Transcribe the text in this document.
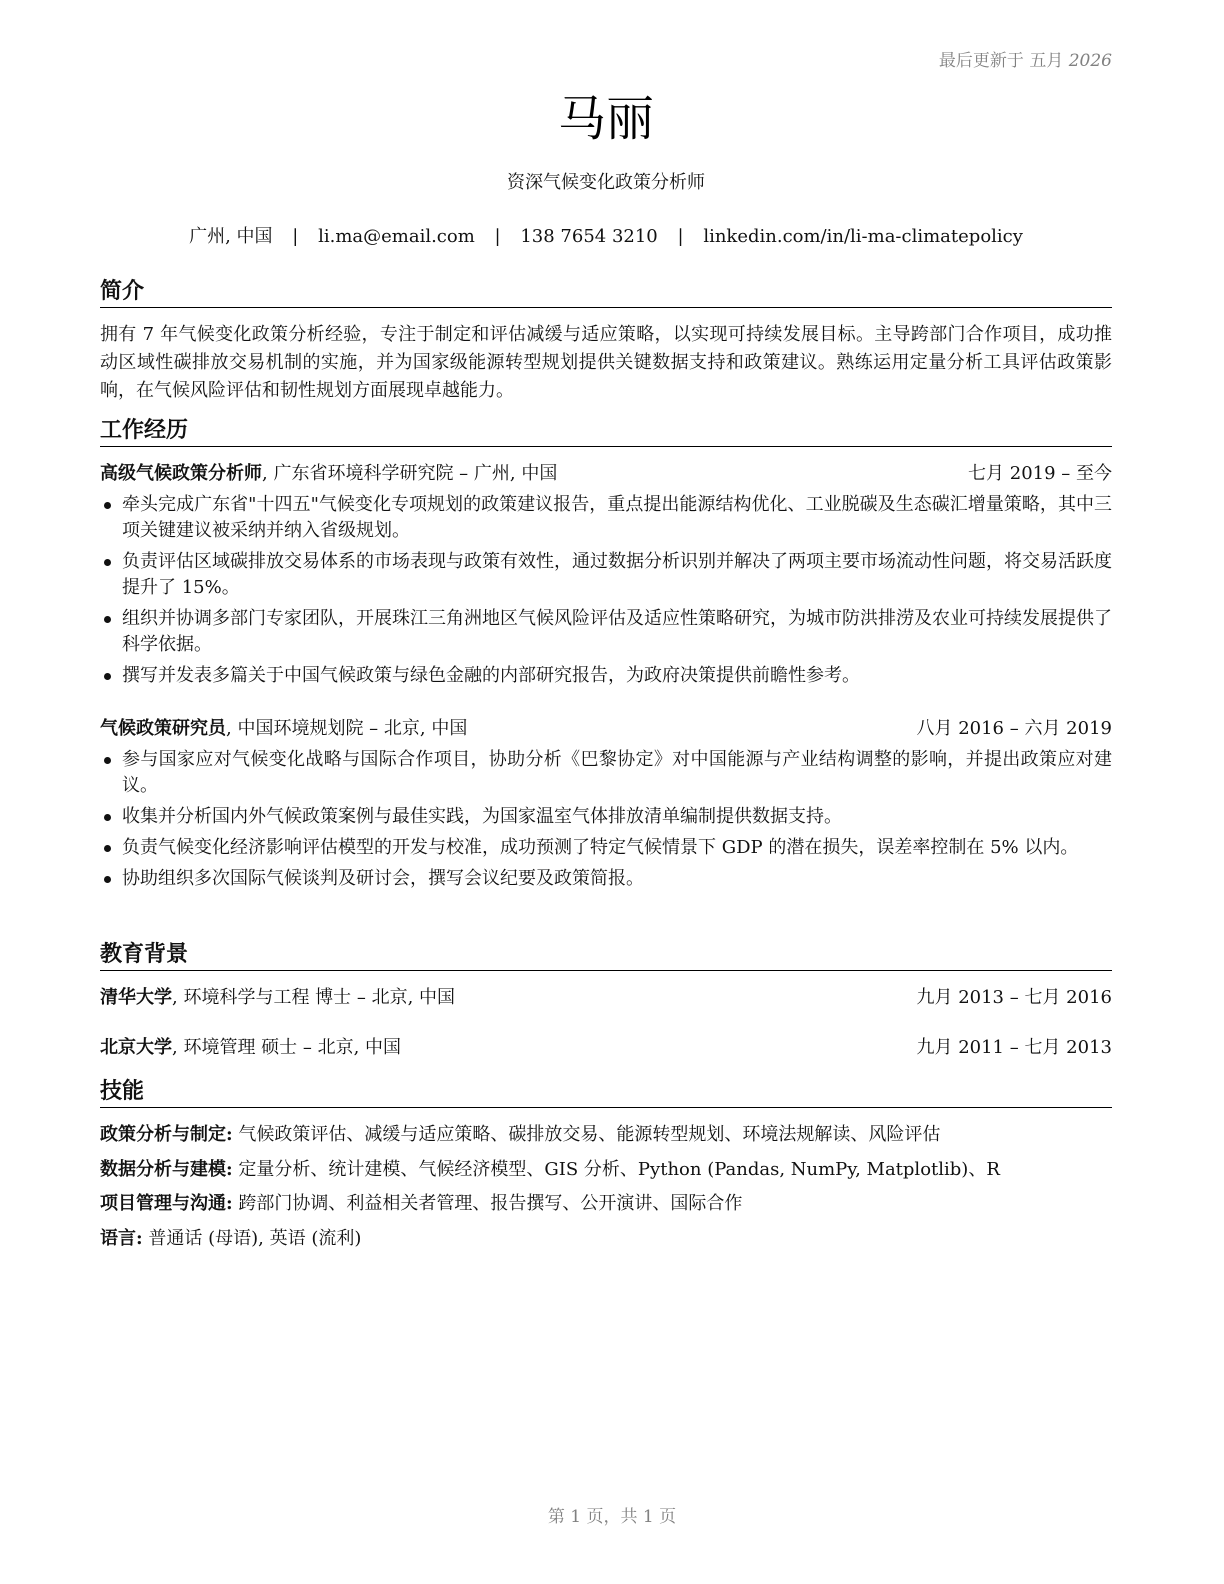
最后更新于 五月 2026
马丽
资深气候变化政策分析师
广州, 中国 | li.ma@email.com | 138 7654 3210 | linkedin.com/in/li-ma-climatepolicy
简介
拥有 7 年气候变化政策分析经验，专注于制定和评估减缓与适应策略，以实现可持续发展目标。主导跨部门合作项目，成功推动区域性碳排放交易机制的实施，并为国家级能源转型规划提供关键数据支持和政策建议。熟练运用定量分析工具评估政策影响，在气候风险评估和韧性规划方面展现卓越能力。
工作经历
高级气候政策分析师, 广东省环境科学研究院 – 广州, 中国	七月 2019 – 至今
牵头完成广东省"十四五"气候变化专项规划的政策建议报告，重点提出能源结构优化、工业脱碳及生态碳汇增量策略，其中三项关键建议被采纳并纳入省级规划。
负责评估区域碳排放交易体系的市场表现与政策有效性，通过数据分析识别并解决了两项主要市场流动性问题，将交易活跃度提升了 15%。
组织并协调多部门专家团队，开展珠江三角洲地区气候风险评估及适应性策略研究，为城市防洪排涝及农业可持续发展提供了科学依据。
撰写并发表多篇关于中国气候政策与绿色金融的内部研究报告，为政府决策提供前瞻性参考。
气候政策研究员, 中国环境规划院 – 北京, 中国	八月 2016 – 六月 2019
参与国家应对气候变化战略与国际合作项目，协助分析《巴黎协定》对中国能源与产业结构调整的影响，并提出政策应对建议。
收集并分析国内外气候政策案例与最佳实践，为国家温室气体排放清单编制提供数据支持。
负责气候变化经济影响评估模型的开发与校准，成功预测了特定气候情景下 GDP 的潜在损失，误差率控制在 5% 以内。
协助组织多次国际气候谈判及研讨会，撰写会议纪要及政策简报。
教育背景
清华大学, 环境科学与工程 博士 – 北京, 中国	九月 2013 – 七月 2016
北京大学, 环境管理 硕士 – 北京, 中国	九月 2011 – 七月 2013
技能
政策分析与制定: 气候政策评估、减缓与适应策略、碳排放交易、能源转型规划、环境法规解读、风险评估
数据分析与建模: 定量分析、统计建模、气候经济模型、GIS 分析、Python (Pandas, NumPy, Matplotlib)、R
项目管理与沟通: 跨部门协调、利益相关者管理、报告撰写、公开演讲、国际合作
语言: 普通话 (母语), 英语 (流利)
第 1 页，共 1 页
